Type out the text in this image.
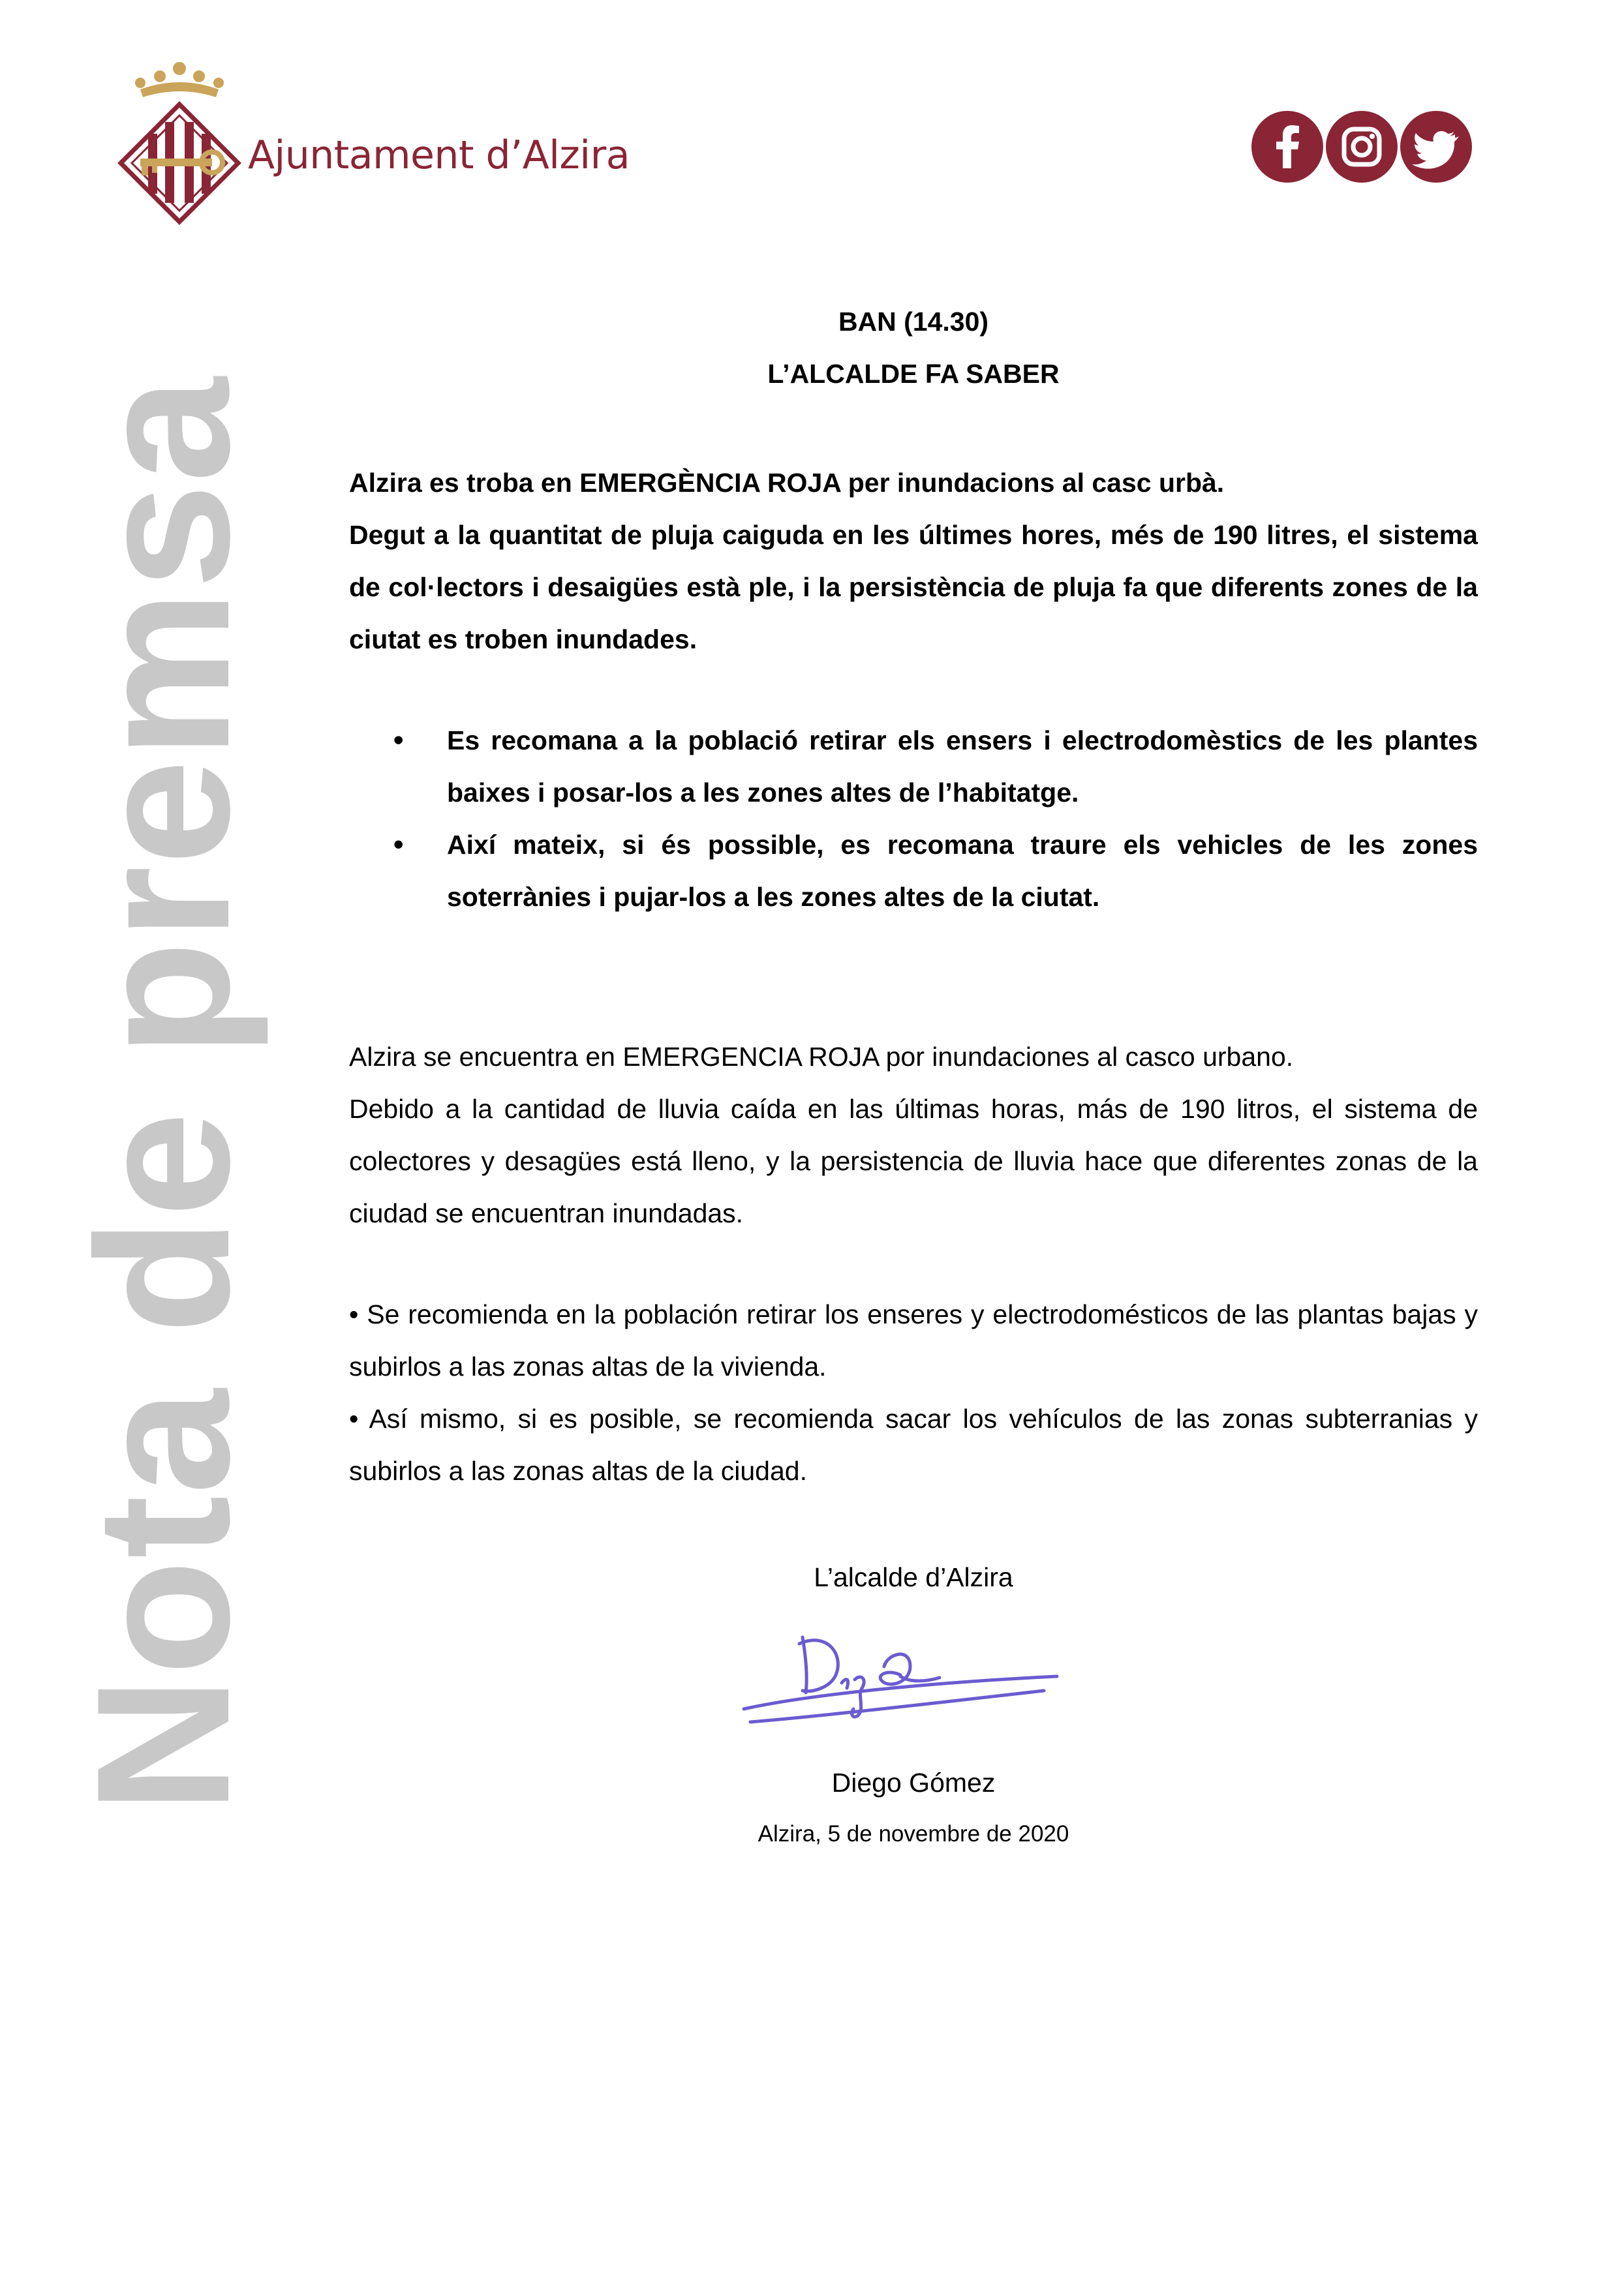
Ajuntament d’Alzira
Nota de premsa
BAN (14.30)
L’ALCALDE FA SABER
Alzira es troba en EMERGÈNCIA ROJA per inundacions al casc urbà.
Degut a la quantitat de pluja caiguda en les últimes hores, més de 190 litres, el sistema de col·lectors i desaigües està ple, i la persistència de pluja fa que diferents zones de la ciutat es troben inundades.
• Es recomana a la població retirar els ensers i electrodomèstics de les plantes baixes i posar-los a les zones altes de l’habitatge.
• Així mateix, si és possible, es recomana traure els vehicles de les zones soterrànies i pujar-los a les zones altes de la ciutat.
Alzira se encuentra en EMERGENCIA ROJA por inundaciones al casco urbano.
Debido a la cantidad de lluvia caída en las últimas horas, más de 190 litros, el sistema de colectores y desagües está lleno, y la persistencia de lluvia hace que diferentes zonas de la ciudad se encuentran inundadas.
• Se recomienda en la población retirar los enseres y electrodomésticos de las plantas bajas y subirlos a las zonas altas de la vivienda.
• Así mismo, si es posible, se recomienda sacar los vehículos de las zonas subterranias y subirlos a las zonas altas de la ciudad.
L’alcalde d’Alzira
Diego Gómez
Alzira, 5 de novembre de 2020
